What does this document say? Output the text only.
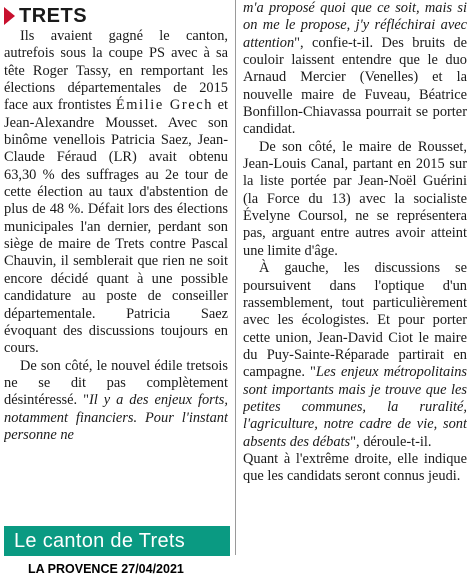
TRETS

Ils avaient gagné le canton, autrefois sous la coupe PS avec à sa tête Roger Tassy, en remportant les élections départementales de 2015 face aux frontistes Émilie Grech et Jean-Alexandre Mousset. Avec son binôme venellois Patricia Saez, Jean-Claude Féraud (LR) avait obtenu 63,30 % des suffrages au 2e tour de cette élection au taux d'abstention de plus de 48 %. Défait lors des élections municipales l'an dernier, perdant son siège de maire de Trets contre Pascal Chauvin, il semblerait que rien ne soit encore décidé quant à une possible candidature au poste de conseiller départementale. Patricia Saez évoquant des discussions toujours en cours.

De son côté, le nouvel édile tretsois ne se dit pas complètement désintéressé. "Il y a des enjeux forts, notamment financiers. Pour l'instant personne ne

m'a proposé quoi que ce soit, mais si on me le propose, j'y réfléchirai avec attention", confie-t-il. Des bruits de couloir laissent entendre que le duo Arnaud Mercier (Venelles) et la nouvelle maire de Fuveau, Béatrice Bonfillon-Chiavassa pourrait se porter candidat.

De son côté, le maire de Rousset, Jean-Louis Canal, partant en 2015 sur la liste portée par Jean-Noël Guérini (la Force du 13) avec la socialiste Évelyne Coursol, ne se représentera pas, arguant entre autres avoir atteint une limite d'âge.

À gauche, les discussions se poursuivent dans l'optique d'un rassemblement, tout particulièrement avec les écologistes. Et pour porter cette union, Jean-David Ciot le maire du Puy-Sainte-Réparade partirait en campagne. "Les enjeux métropolitains sont importants mais je trouve que les petites communes, la ruralité, l'agriculture, notre cadre de vie, sont absents des débats", déroule-t-il.

Quant à l'extrême droite, elle indique que les candidats seront connus jeudi.

Le canton de Trets
LA PROVENCE 27/04/2021
